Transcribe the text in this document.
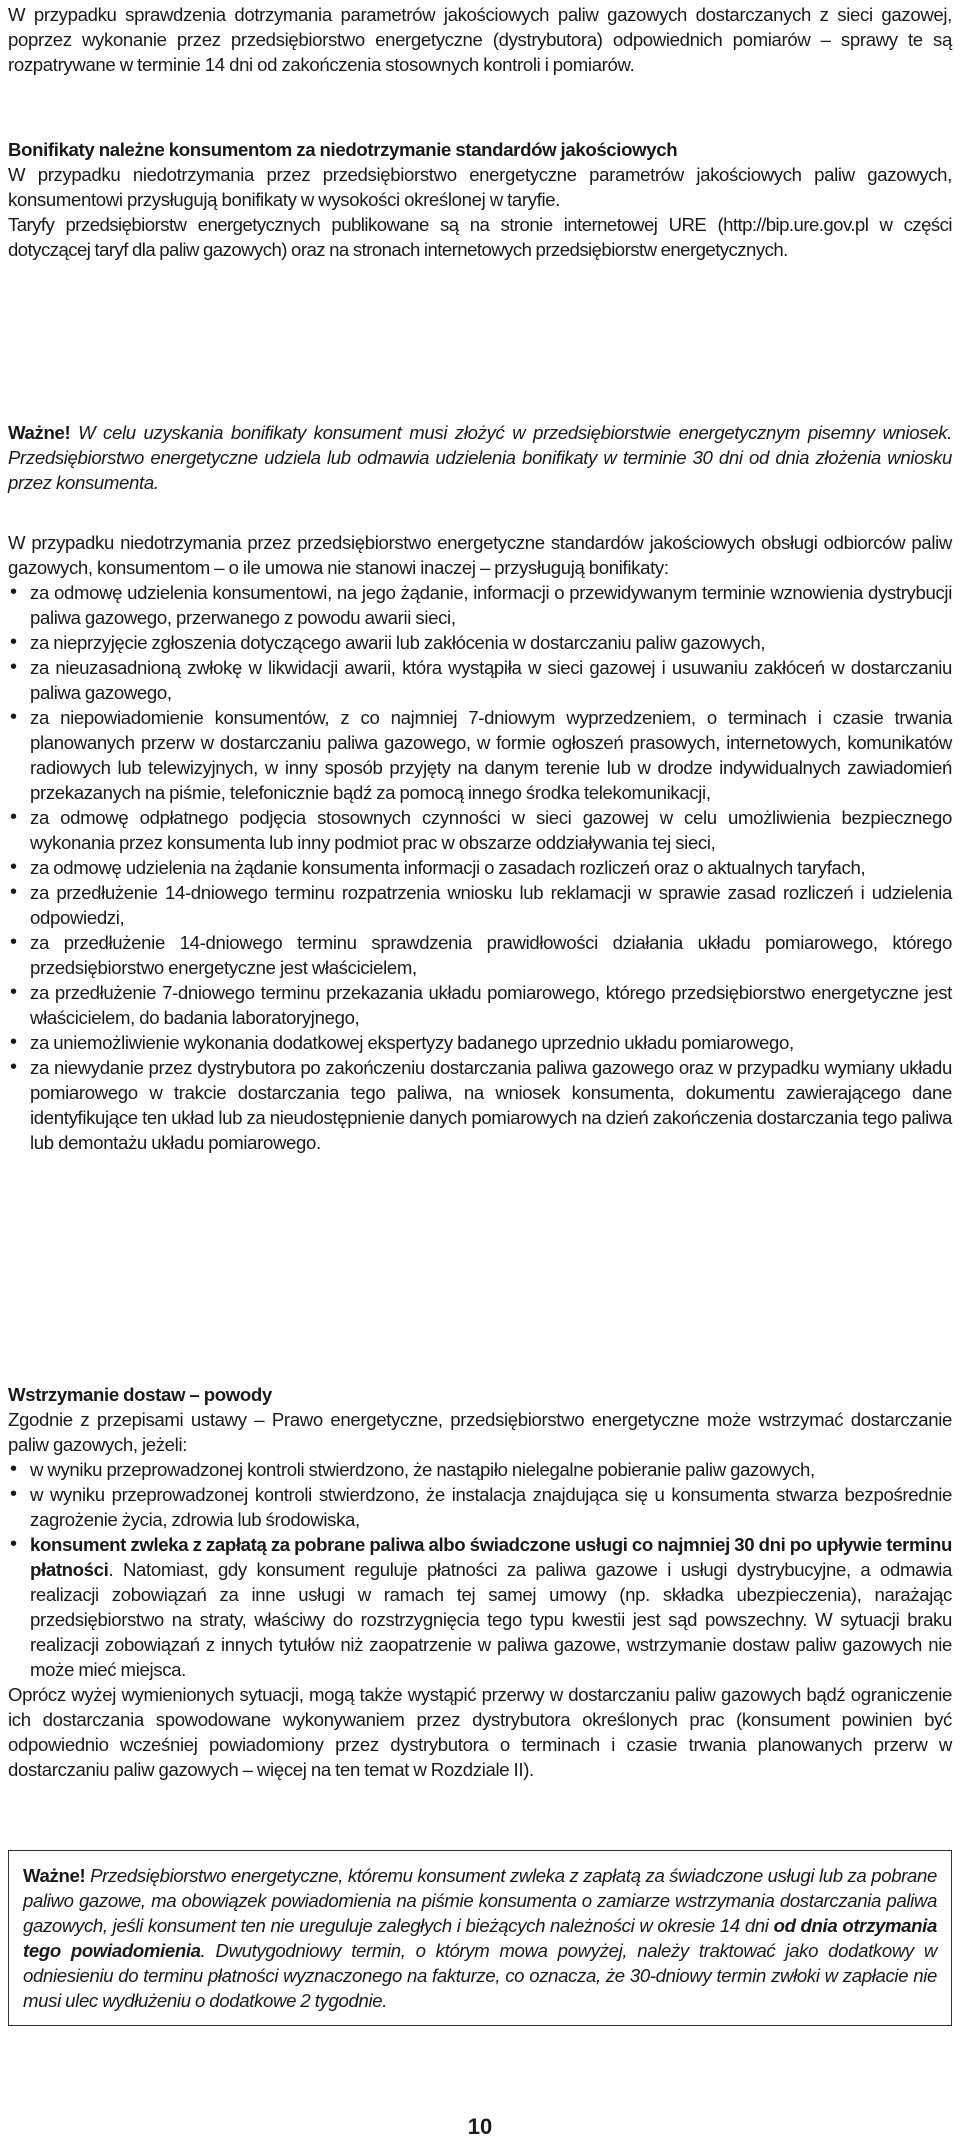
W przypadku sprawdzenia dotrzymania parametrów jakościowych paliw gazowych dostarczanych z sieci gazowej, poprzez wykonanie przez przedsiębiorstwo energetyczne (dystrybutora) odpowiednich pomiarów – sprawy te są rozpatrywane w terminie 14 dni od zakończenia stosownych kontroli i pomiarów.

Bonifikaty należne konsumentom za niedotrzymanie standardów jakościowych

W przypadku niedotrzymania przez przedsiębiorstwo energetyczne parametrów jakościowych paliw gazowych, konsumentowi przysługują bonifikaty w wysokości określonej w taryfie.

Taryfy przedsiębiorstw energetycznych publikowane są na stronie internetowej URE (http://bip.ure.gov.pl w części dotyczącej taryf dla paliw gazowych) oraz na stronach internetowych przedsiębiorstw energetycznych.

Ważne! W celu uzyskania bonifikaty konsument musi złożyć w przedsiębiorstwie energetycznym pisemny wniosek. Przedsiębiorstwo energetyczne udziela lub odmawia udzielenia bonifikaty w terminie 30 dni od dnia złożenia wniosku przez konsumenta.

W przypadku niedotrzymania przez przedsiębiorstwo energetyczne standardów jakościowych obsługi odbiorców paliw gazowych, konsumentom – o ile umowa nie stanowi inaczej – przysługują bonifikaty:

• za odmowę udzielenia konsumentowi, na jego żądanie, informacji o przewidywanym terminie wznowienia dystrybucji paliwa gazowego, przerwanego z powodu awarii sieci,
• za nieprzyjęcie zgłoszenia dotyczącego awarii lub zakłócenia w dostarczaniu paliw gazowych,
• za nieuzasadnioną zwłokę w likwidacji awarii, która wystąpiła w sieci gazowej i usuwaniu zakłóceń w dostarczaniu paliwa gazowego,
• za niepowiadomienie konsumentów, z co najmniej 7-dniowym wyprzedzeniem, o terminach i czasie trwania planowanych przerw w dostarczaniu paliwa gazowego, w formie ogłoszeń prasowych, internetowych, komunikatów radiowych lub telewizyjnych, w inny sposób przyjęty na danym terenie lub w drodze indywidualnych zawiadomień przekazanych na piśmie, telefonicznie bądź za pomocą innego środka telekomunikacji,
• za odmowę odpłatnego podjęcia stosownych czynności w sieci gazowej w celu umożliwienia bezpiecznego wykonania przez konsumenta lub inny podmiot prac w obszarze oddziaływania tej sieci,
• za odmowę udzielenia na żądanie konsumenta informacji o zasadach rozliczeń oraz o aktualnych taryfach,
• za przedłużenie 14-dniowego terminu rozpatrzenia wniosku lub reklamacji w sprawie zasad rozliczeń i udzielenia odpowiedzi,
• za przedłużenie 14-dniowego terminu sprawdzenia prawidłowości działania układu pomiarowego, którego przedsiębiorstwo energetyczne jest właścicielem,
• za przedłużenie 7-dniowego terminu przekazania układu pomiarowego, którego przedsiębiorstwo energetyczne jest właścicielem, do badania laboratoryjnego,
• za uniemożliwienie wykonania dodatkowej ekspertyzy badanego uprzednio układu pomiarowego,
• za niewydanie przez dystrybutora po zakończeniu dostarczania paliwa gazowego oraz w przypadku wymiany układu pomiarowego w trakcie dostarczania tego paliwa, na wniosek konsumenta, dokumentu zawierającego dane identyfikujące ten układ lub za nieudostępnienie danych pomiarowych na dzień zakończenia dostarczania tego paliwa lub demontażu układu pomiarowego.

Wstrzymanie dostaw – powody

Zgodnie z przepisami ustawy – Prawo energetyczne, przedsiębiorstwo energetyczne może wstrzymać dostarczanie paliw gazowych, jeżeli:

• w wyniku przeprowadzonej kontroli stwierdzono, że nastąpiło nielegalne pobieranie paliw gazowych,
• w wyniku przeprowadzonej kontroli stwierdzono, że instalacja znajdująca się u konsumenta stwarza bezpośrednie zagrożenie życia, zdrowia lub środowiska,
• konsument zwleka z zapłatą za pobrane paliwa albo świadczone usługi co najmniej 30 dni po upływie terminu płatności. Natomiast, gdy konsument reguluje płatności za paliwa gazowe i usługi dystrybucyjne, a odmawia realizacji zobowiązań za inne usługi w ramach tej samej umowy (np. składka ubezpieczenia), narażając przedsiębiorstwo na straty, właściwy do rozstrzygnięcia tego typu kwestii jest sąd powszechny. W sytuacji braku realizacji zobowiązań z innych tytułów niż zaopatrzenie w paliwa gazowe, wstrzymanie dostaw paliw gazowych nie może mieć miejsca.

Oprócz wyżej wymienionych sytuacji, mogą także wystąpić przerwy w dostarczaniu paliw gazowych bądź ograniczenie ich dostarczania spowodowane wykonywaniem przez dystrybutora określonych prac (konsument powinien być odpowiednio wcześniej powiadomiony przez dystrybutora o terminach i czasie trwania planowanych przerw w dostarczaniu paliw gazowych – więcej na ten temat w Rozdziale II).

Ważne! Przedsiębiorstwo energetyczne, któremu konsument zwleka z zapłatą za świadczone usługi lub za pobrane paliwo gazowe, ma obowiązek powiadomienia na piśmie konsumenta o zamiarze wstrzymania dostarczania paliwa gazowych, jeśli konsument ten nie ureguluje zaległych i bieżących należności w okresie 14 dni od dnia otrzymania tego powiadomienia. Dwutygodniowy termin, o którym mowa powyżej, należy traktować jako dodatkowy w odniesieniu do terminu płatności wyznaczonego na fakturze, co oznacza, że 30-dniowy termin zwłoki w zapłacie nie musi ulec wydłużeniu o dodatkowe 2 tygodnie.

10
